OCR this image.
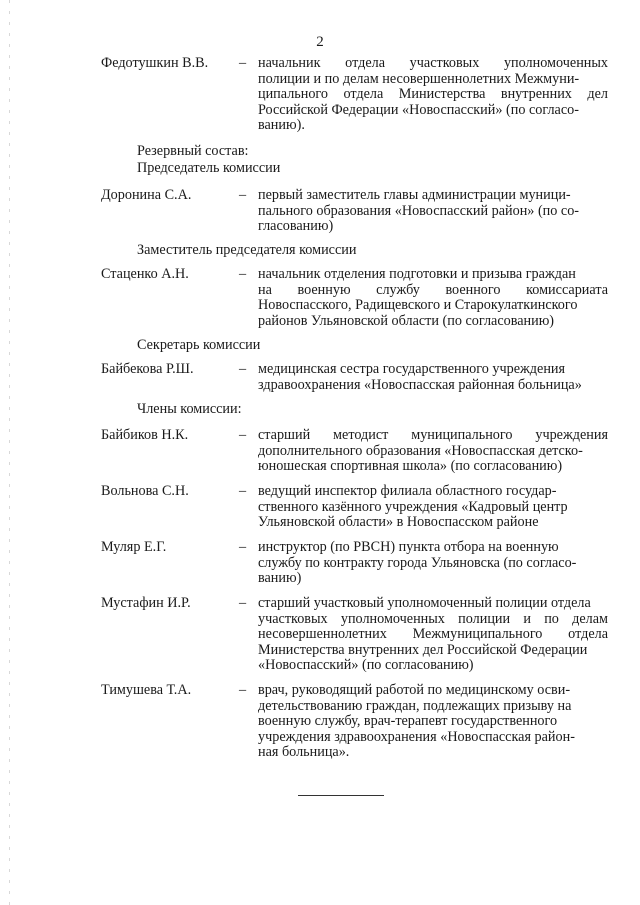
2
Федотушкин В.В. – начальник отдела участковых уполномоченных
полиции и по делам несовершеннолетних Межмуни-
ципального отдела Министерства внутренних дел
Российской Федерации «Новоспасский» (по согласо-
ванию).
Резервный состав:
Председатель комиссии
Доронина С.А.	– первый заместитель главы администрации муници-
пального образования «Новоспасский район» (по со-
гласованию)
Заместитель председателя комиссии
Стаценко А.Н.	– начальник отделения подготовки и призыва граждан
на военную службу военного комиссариата
Новоспасского, Радищевского и Старокулаткинского
районов Ульяновской области (по согласованию)
Секретарь комиссии
Байбекова Р.Ш.	– медицинская сестра государственного учреждения
здравоохранения «Новоспасская районная больница»
Члены комиссии:
Байбиков Н.К.	– старший методист муниципального учреждения
дополнительного образования «Новоспасская детско-
юношеская спортивная школа» (по согласованию)
Вольнова С.Н.	– ведущий инспектор филиала областного государ-
ственного казённого учреждения «Кадровый центр
Ульяновской области» в Новоспасском районе
Муляр Е.Г.	– инструктор (по РВСН) пункта отбора на военную
службу по контракту города Ульяновска (по согласо-
ванию)
Мустафин И.Р.	– старший участковый уполномоченный полиции отдела
участковых уполномоченных полиции и по делам
несовершеннолетних Межмуниципального отдела
Министерства внутренних дел Российской Федерации
«Новоспасский» (по согласованию)
Тимушева Т.А.	– врач, руководящий работой по медицинскому осви-
детельствованию граждан, подлежащих призыву на
военную службу, врач-терапевт государственного
учреждения здравоохранения «Новоспасская район-
ная больница».
